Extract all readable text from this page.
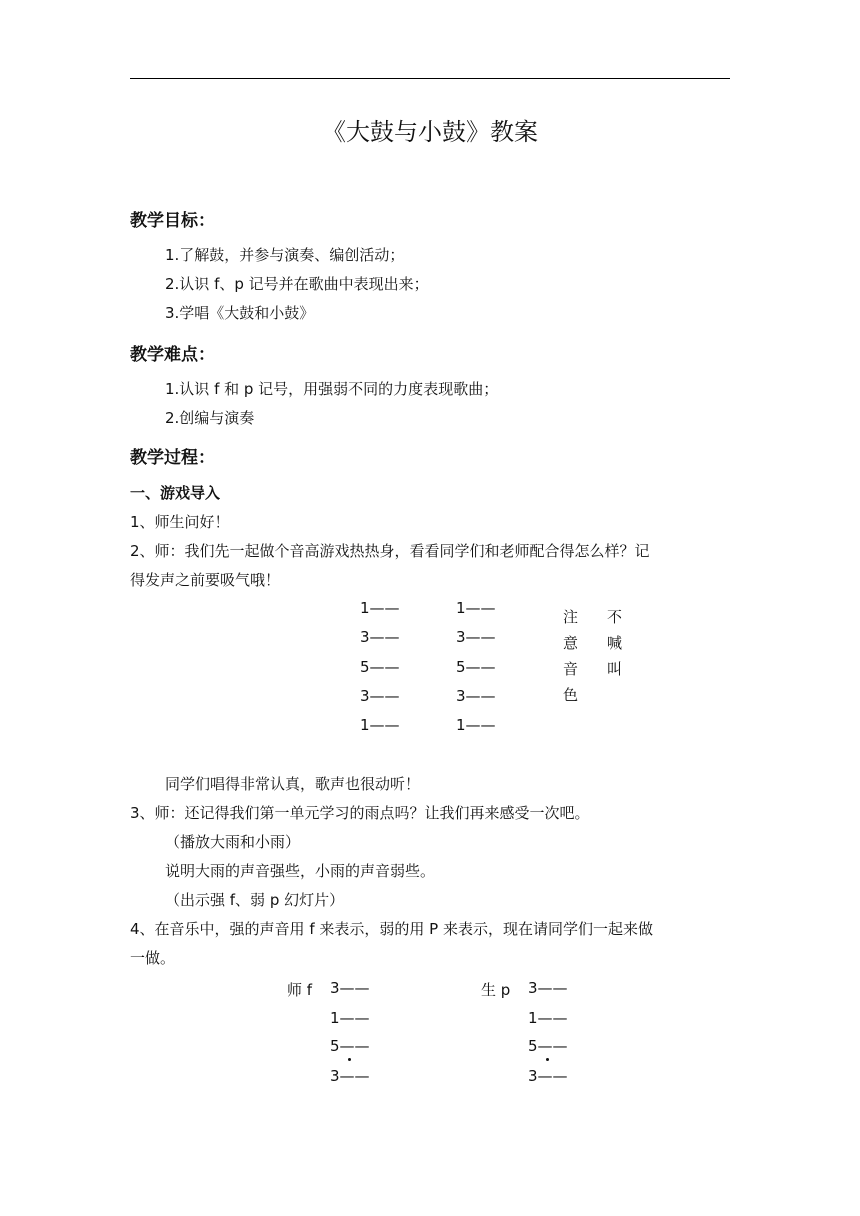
《大鼓与小鼓》教案
教学目标：
1.了解鼓，并参与演奏、编创活动；
2.认识 f、p 记号并在歌曲中表现出来；
3.学唱《大鼓和小鼓》
教学难点：
1.认识 f 和 p 记号，用强弱不同的力度表现歌曲；
2.创编与演奏
教学过程：
一、游戏导入
1、师生问好！
2、师：我们先一起做个音高游戏热热身，看看同学们和老师配合得怎么样？记
得发声之前要吸气哦！
1——
3——
5——
3——
1——
1——
3——
5——
3——
1——
注
意
音
色
不
喊
叫
同学们唱得非常认真，歌声也很动听！
3、师：还记得我们第一单元学习的雨点吗？让我们再来感受一次吧。
（播放大雨和小雨）
说明大雨的声音强些，小雨的声音弱些。
（出示强 f、弱 p 幻灯片）
4、在音乐中，强的声音用 f 来表示，弱的用 P 来表示，现在请同学们一起来做
一做。
师 f 3——
1——
5——
3——
生 p 3——
1——
5——
3——
